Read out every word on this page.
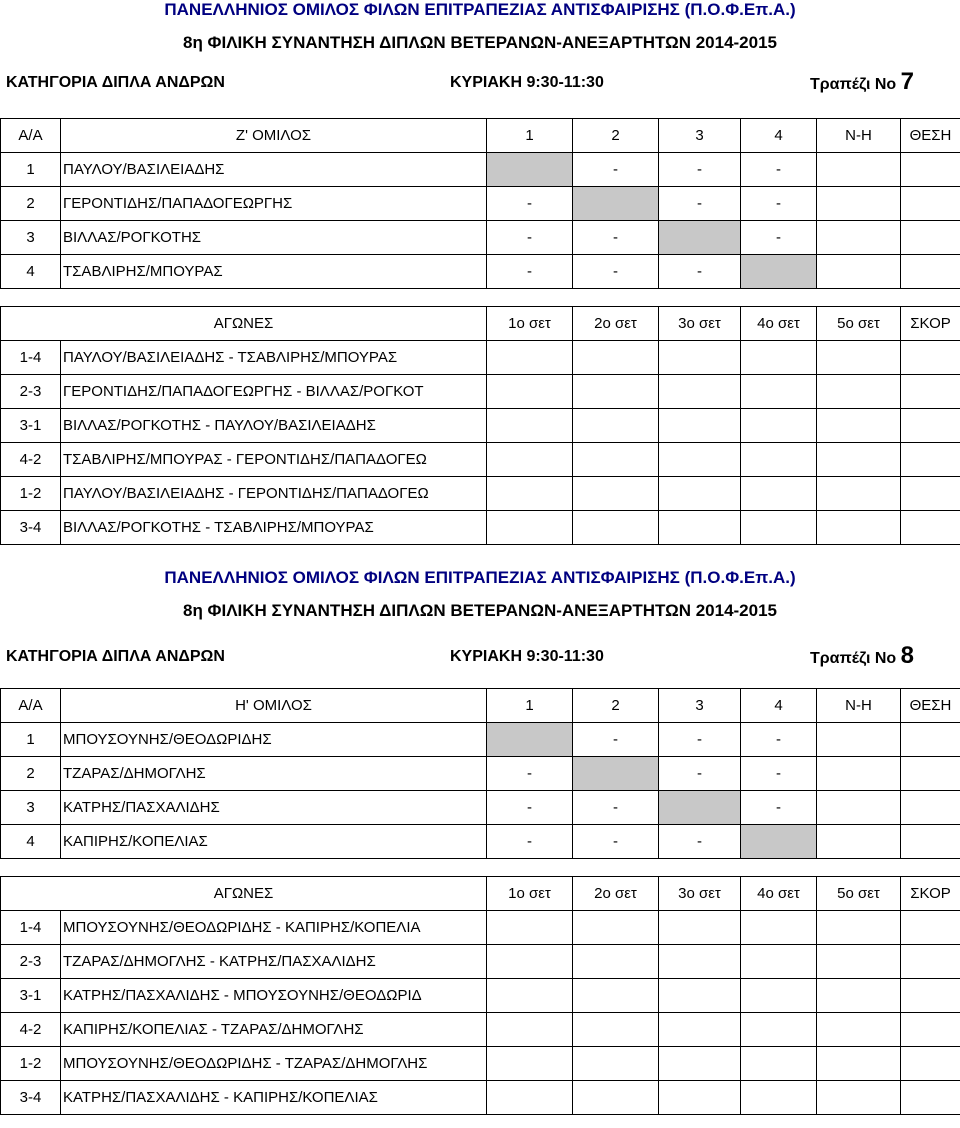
ΠΑΝΕΛΛΗΝΙΟΣ ΟΜΙΛΟΣ ΦΙΛΩΝ ΕΠΙΤΡΑΠΕΖΙΑΣ ΑΝΤΙΣΦΑΙΡΙΣΗΣ (Π.Ο.Φ.Επ.Α.)
8η ΦΙΛΙΚΗ ΣΥΝΑΝΤΗΣΗ ΔΙΠΛΩΝ ΒΕΤΕΡΑΝΩΝ-ΑΝΕΞΑΡΤΗΤΩΝ 2014-2015
ΚΑΤΗΓΟΡΙΑ ΔΙΠΛΑ ΑΝΔΡΩΝ	ΚΥΡΙΑΚΗ 9:30-11:30	Τραπέζι Νο 7
Α/Α	Ζ' ΟΜΙΛΟΣ	1	2	3	4	Ν-Η	ΘΕΣΗ
1	ΠΑΥΛΟΥ/ΒΑΣΙΛΕΙΑΔΗΣ		-	-	-		
2	ΓΕΡΟΝΤΙΔΗΣ/ΠΑΠΑΔΟΓΕΩΡΓΗΣ	-		-	-		
3	ΒΙΛΛΑΣ/ΡΟΓΚΟΤΗΣ	-	-		-		
4	ΤΣΑΒΛΙΡΗΣ/ΜΠΟΥΡΑΣ	-	-	-			
ΑΓΩΝΕΣ		1ο σετ	2ο σετ	3ο σετ	4ο σετ	5ο σετ	ΣΚΟΡ
1-4	ΠΑΥΛΟΥ/ΒΑΣΙΛΕΙΑΔΗΣ - ΤΣΑΒΛΙΡΗΣ/ΜΠΟΥΡΑΣ						
2-3	ΓΕΡΟΝΤΙΔΗΣ/ΠΑΠΑΔΟΓΕΩΡΓΗΣ - ΒΙΛΛΑΣ/ΡΟΓΚΟΤ						
3-1	ΒΙΛΛΑΣ/ΡΟΓΚΟΤΗΣ - ΠΑΥΛΟΥ/ΒΑΣΙΛΕΙΑΔΗΣ						
4-2	ΤΣΑΒΛΙΡΗΣ/ΜΠΟΥΡΑΣ - ΓΕΡΟΝΤΙΔΗΣ/ΠΑΠΑΔΟΓΕΩ						
1-2	ΠΑΥΛΟΥ/ΒΑΣΙΛΕΙΑΔΗΣ - ΓΕΡΟΝΤΙΔΗΣ/ΠΑΠΑΔΟΓΕΩ						
3-4	ΒΙΛΛΑΣ/ΡΟΓΚΟΤΗΣ - ΤΣΑΒΛΙΡΗΣ/ΜΠΟΥΡΑΣ						
ΠΑΝΕΛΛΗΝΙΟΣ ΟΜΙΛΟΣ ΦΙΛΩΝ ΕΠΙΤΡΑΠΕΖΙΑΣ ΑΝΤΙΣΦΑΙΡΙΣΗΣ (Π.Ο.Φ.Επ.Α.)
8η ΦΙΛΙΚΗ ΣΥΝΑΝΤΗΣΗ ΔΙΠΛΩΝ ΒΕΤΕΡΑΝΩΝ-ΑΝΕΞΑΡΤΗΤΩΝ 2014-2015
ΚΑΤΗΓΟΡΙΑ ΔΙΠΛΑ ΑΝΔΡΩΝ	ΚΥΡΙΑΚΗ 9:30-11:30	Τραπέζι Νο 8
Α/Α	Η' ΟΜΙΛΟΣ	1	2	3	4	Ν-Η	ΘΕΣΗ
1	ΜΠΟΥΣΟΥΝΗΣ/ΘΕΟΔΩΡΙΔΗΣ		-	-	-		
2	ΤΖΑΡΑΣ/ΔΗΜΟΓΛΗΣ	-		-	-		
3	ΚΑΤΡΗΣ/ΠΑΣΧΑΛΙΔΗΣ	-	-		-		
4	ΚΑΠΙΡΗΣ/ΚΟΠΕΛΙΑΣ	-	-	-			
ΑΓΩΝΕΣ		1ο σετ	2ο σετ	3ο σετ	4ο σετ	5ο σετ	ΣΚΟΡ
1-4	ΜΠΟΥΣΟΥΝΗΣ/ΘΕΟΔΩΡΙΔΗΣ - ΚΑΠΙΡΗΣ/ΚΟΠΕΛΙΑ						
2-3	ΤΖΑΡΑΣ/ΔΗΜΟΓΛΗΣ - ΚΑΤΡΗΣ/ΠΑΣΧΑΛΙΔΗΣ						
3-1	ΚΑΤΡΗΣ/ΠΑΣΧΑΛΙΔΗΣ - ΜΠΟΥΣΟΥΝΗΣ/ΘΕΟΔΩΡΙΔ						
4-2	ΚΑΠΙΡΗΣ/ΚΟΠΕΛΙΑΣ - ΤΖΑΡΑΣ/ΔΗΜΟΓΛΗΣ						
1-2	ΜΠΟΥΣΟΥΝΗΣ/ΘΕΟΔΩΡΙΔΗΣ - ΤΖΑΡΑΣ/ΔΗΜΟΓΛΗΣ						
3-4	ΚΑΤΡΗΣ/ΠΑΣΧΑΛΙΔΗΣ - ΚΑΠΙΡΗΣ/ΚΟΠΕΛΙΑΣ						
